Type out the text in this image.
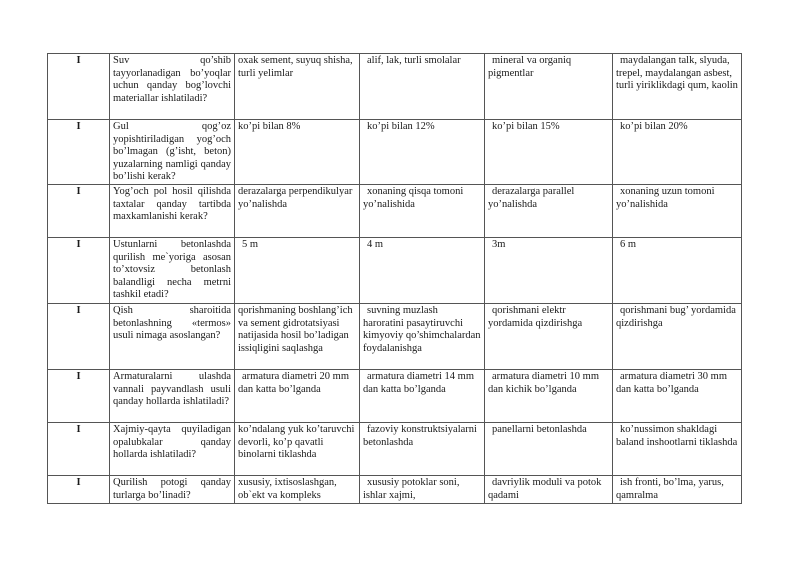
I	Suv qo’shib tayyorlanadigan bo’yoqlar uchun qanday bog’lovchi materiallar ishlatiladi?	oxak sement, suyuq shisha, turli yelimlar	alif, lak, turli smolalar	mineral va organiq pigmentlar	maydalangan talk, slyuda, trepel, maydalangan asbest, turli yiriklikdagi qum, kaolin
I	Gul qog’oz yopishtiriladigan yog’och bo’lmagan (g’isht, beton) yuzalarning namligi qanday bo’lishi kerak?	ko’pi bilan 8%	ko’pi bilan 12%	ko’pi bilan 15%	ko’pi bilan 20%
I	Yog’och pol hosil qilishda taxtalar qanday tartibda maxkamlanishi kerak?	derazalarga perpendikulyar yo’nalishda	xonaning qisqa tomoni yo’nalishida	derazalarga parallel yo’nalishda	xonaning uzun tomoni yo’nalishida
I	Ustunlarni betonlashda qurilish me`yoriga asosan to’xtovsiz betonlash balandligi necha metrni tashkil etadi?	5 m	4 m	3m	6 m
I	Qish sharoitida betonlashning «termos» usuli nimaga asoslangan?	qorishmaning boshlang’ich va sement gidrotatsiyasi natijasida hosil bo’ladigan issiqligini saqlashga	suvning muzlash haroratini pasaytiruvchi kimyoviy qo’shimchalardan foydalanishga	qorishmani elektr yordamida qizdirishga	qorishmani bug’ yordamida qizdirishga
I	Armaturalarni ulashda vannali payvandlash usuli qanday hollarda ishlatiladi?	armatura diametri 20 mm dan katta bo’lganda	armatura diametri 14 mm dan katta bo’lganda	armatura diametri 10 mm dan kichik bo’lganda	armatura diametri 30 mm dan katta bo’lganda
I	Xajmiy-qayta quyiladigan opalubkalar qanday hollarda ishlatiladi?	ko’ndalang yuk ko’taruvchi devorli, ko’p qavatli binolarni tiklashda	fazoviy konstruktsiyalarni betonlashda	panellarni betonlashda	ko’nussimon shakldagi baland inshootlarni tiklashda
I	Qurilish potogi qanday turlarga bo’linadi?	xususiy, ixtisoslashgan, ob`ekt va kompleks	xususiy potoklar soni, ishlar xajmi,	davriylik moduli va potok qadami	ish fronti, bo’lma, yarus, qamralma
